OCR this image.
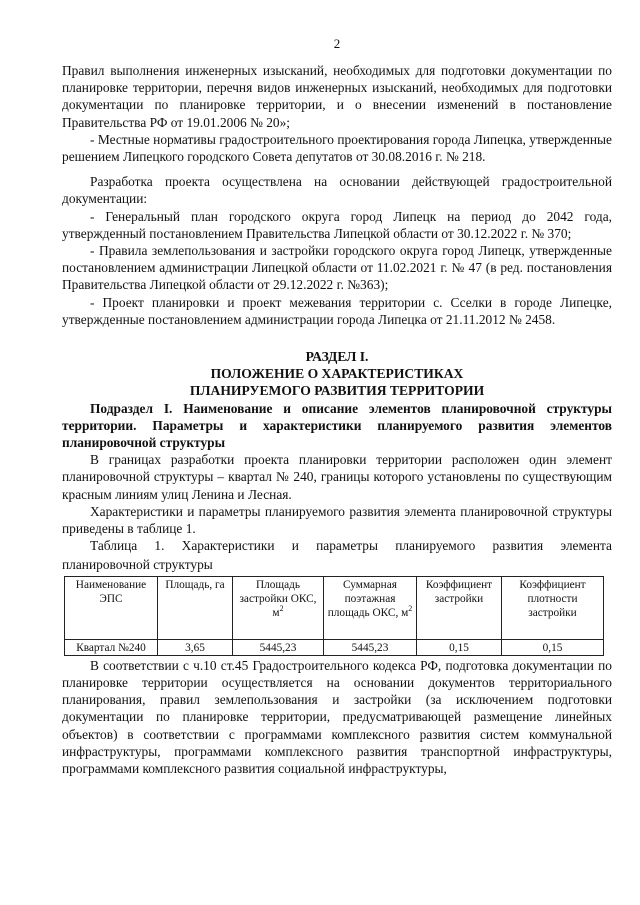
2

Правил выполнения инженерных изысканий, необходимых для подготовки документации по планировке территории, перечня видов инженерных изысканий, необходимых для подготовки документации по планировке территории, и о внесении изменений в постановление Правительства РФ от 19.01.2006 № 20»;

- Местные нормативы градостроительного проектирования города Липецка, утвержденные решением Липецкого городского Совета депутатов от 30.08.2016 г. № 218.

Разработка проекта осуществлена на основании действующей градостроительной документации:

- Генеральный план городского округа город Липецк на период до 2042 года, утвержденный постановлением Правительства Липецкой области от 30.12.2022 г. № 370;

- Правила землепользования и застройки городского округа город Липецк, утвержденные постановлением администрации Липецкой области от 11.02.2021 г. № 47 (в ред. постановления Правительства Липецкой области от 29.12.2022 г. №363);

- Проект планировки и проект межевания территории с. Сселки в городе Липецке, утвержденные постановлением администрации города Липецка от 21.11.2012 № 2458.

РАЗДЕЛ I.
ПОЛОЖЕНИЕ О ХАРАКТЕРИСТИКАХ
ПЛАНИРУЕМОГО РАЗВИТИЯ ТЕРРИТОРИИ

Подраздел I. Наименование и описание элементов планировочной структуры территории. Параметры и характеристики планируемого развития элементов планировочной структуры

В границах разработки проекта планировки территории расположен один элемент планировочной структуры – квартал № 240, границы которого установлены по существующим красным линиям улиц Ленина и Лесная.

Характеристики и параметры планируемого развития элемента планировочной структуры приведены в таблице 1.

Таблица 1. Характеристики и параметры планируемого развития элемента

планировочной структуры

Наименование ЭПС	Площадь, га	Площадь застройки ОКС, $м^2$	Суммарная поэтажная площадь ОКС, $м^2$	Коэффициент застройки	Коэффициент плотности застройки
Квартал №240	3,65	5445,23	5445,23	0,15	0,15

В соответствии с ч.10 ст.45 Градостроительного кодекса РФ, подготовка документации по планировке территории осуществляется на основании документов территориального планирования, правил землепользования и застройки (за исключением подготовки документации по планировке территории, предусматривающей размещение линейных объектов) в соответствии с программами комплексного развития систем коммунальной инфраструктуры, программами комплексного развития транспортной инфраструктуры, программами комплексного развития социальной инфраструктуры,
